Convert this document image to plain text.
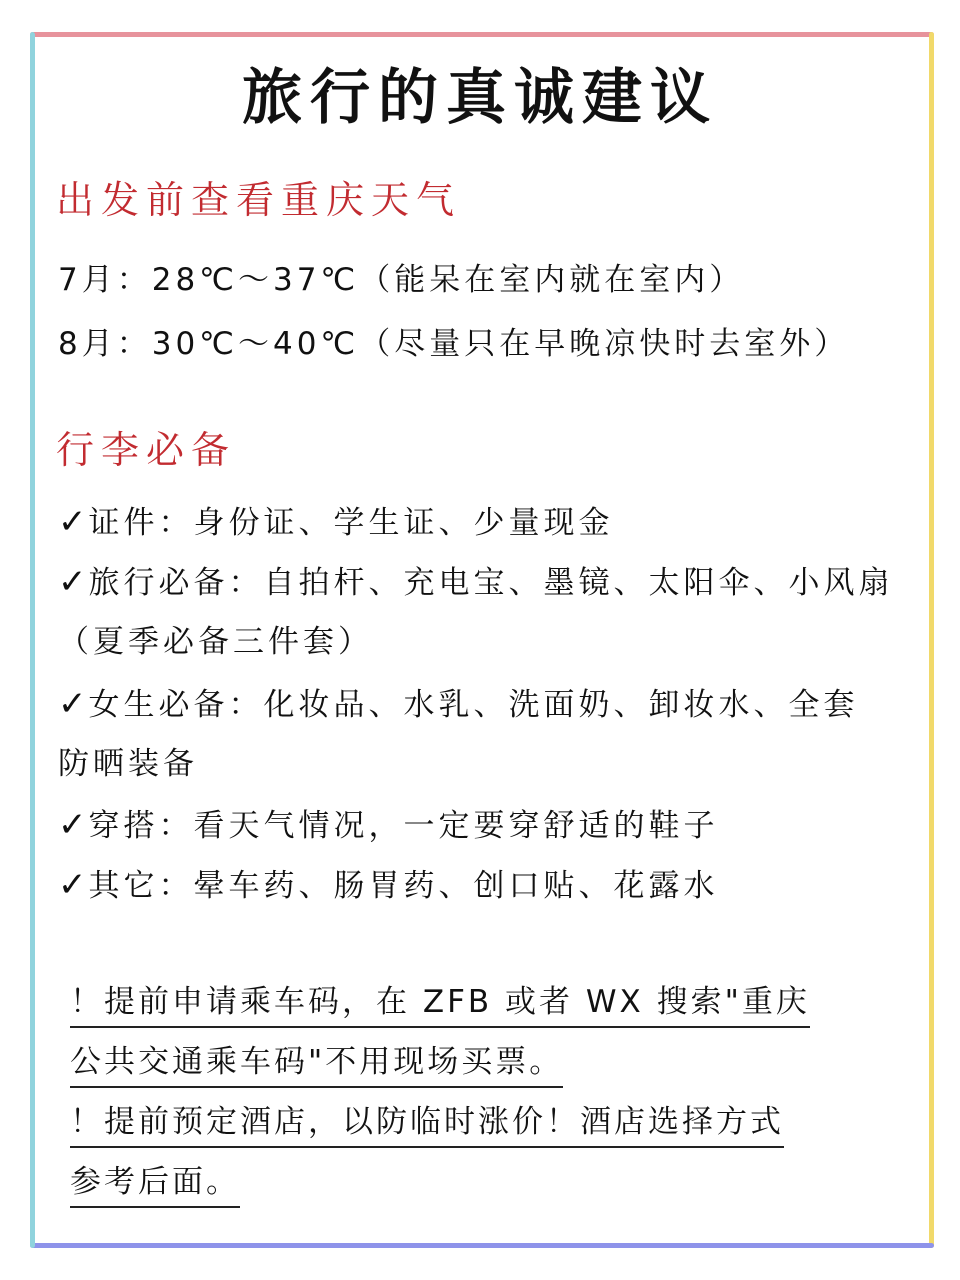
旅行的真诚建议
出发前查看重庆天气
7月：28℃～37℃（能呆在室内就在室内）
8月：30℃～40℃（尽量只在早晚凉快时去室外）
行李必备
✓证件：身份证、学生证、少量现金
✓旅行必备：自拍杆、充电宝、墨镜、太阳伞、小风扇
（夏季必备三件套）
✓女生必备：化妆品、水乳、洗面奶、卸妆水、全套
防晒装备
✓穿搭：看天气情况，一定要穿舒适的鞋子
✓其它：晕车药、肠胃药、创口贴、花露水
！提前申请乘车码，在 ZFB 或者 WX 搜索"重庆
公共交通乘车码"不用现场买票。
！提前预定酒店，以防临时涨价！酒店选择方式
参考后面。
